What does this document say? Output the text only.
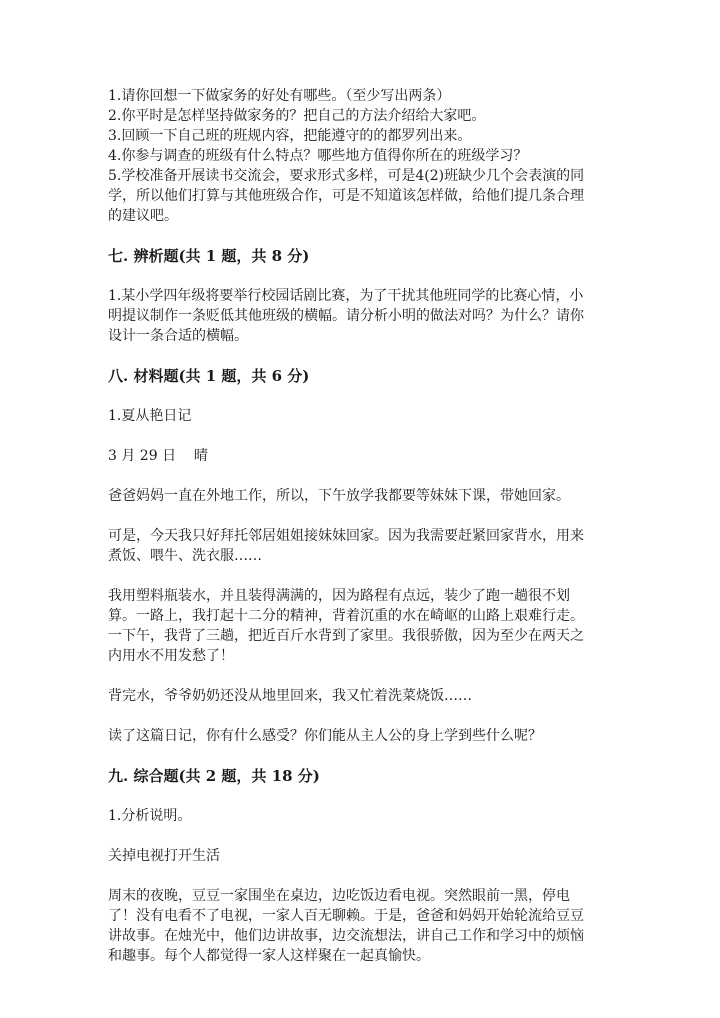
1.请你回想一下做家务的好处有哪些。（至少写出两条）

2.你平时是怎样坚持做家务的？把自己的方法介绍给大家吧。

3.回顾一下自己班的班规内容，把能遵守的的都罗列出来。

4.你参与调查的班级有什么特点？哪些地方值得你所在的班级学习？

5.学校准备开展读书交流会，要求形式多样，可是4(2)班缺少几个会表演的同

学，所以他们打算与其他班级合作，可是不知道该怎样做，给他们提几条合理

的建议吧。

七. 辨析题(共 1 题，共 8 分)

1.某小学四年级将要举行校园话剧比赛，为了干扰其他班同学的比赛心情，小

明提议制作一条贬低其他班级的横幅。请分析小明的做法对吗？为什么？请你

设计一条合适的横幅。

八. 材料题(共 1 题，共 6 分)

1.夏从艳日记

3 月 29 日    晴

爸爸妈妈一直在外地工作，所以，下午放学我都要等妹妹下课，带她回家。

可是，今天我只好拜托邻居姐姐接妹妹回家。因为我需要赶紧回家背水，用来

煮饭、喂牛、洗衣服……

我用塑料瓶装水，并且装得满满的，因为路程有点远，装少了跑一趟很不划

算。一路上，我打起十二分的精神，背着沉重的水在崎岖的山路上艰难行走。

一下午，我背了三趟，把近百斤水背到了家里。我很骄傲，因为至少在两天之

内用水不用发愁了！

背完水，爷爷奶奶还没从地里回来，我又忙着洗菜烧饭……

读了这篇日记，你有什么感受？你们能从主人公的身上学到些什么呢？

九. 综合题(共 2 题，共 18 分)

1.分析说明。

关掉电视打开生活

周末的夜晚，豆豆一家围坐在桌边，边吃饭边看电视。突然眼前一黑，停电

了！没有电看不了电视，一家人百无聊赖。于是，爸爸和妈妈开始轮流给豆豆

讲故事。在烛光中，他们边讲故事，边交流想法，讲自己工作和学习中的烦恼

和趣事。每个人都觉得一家人这样聚在一起真愉快。
